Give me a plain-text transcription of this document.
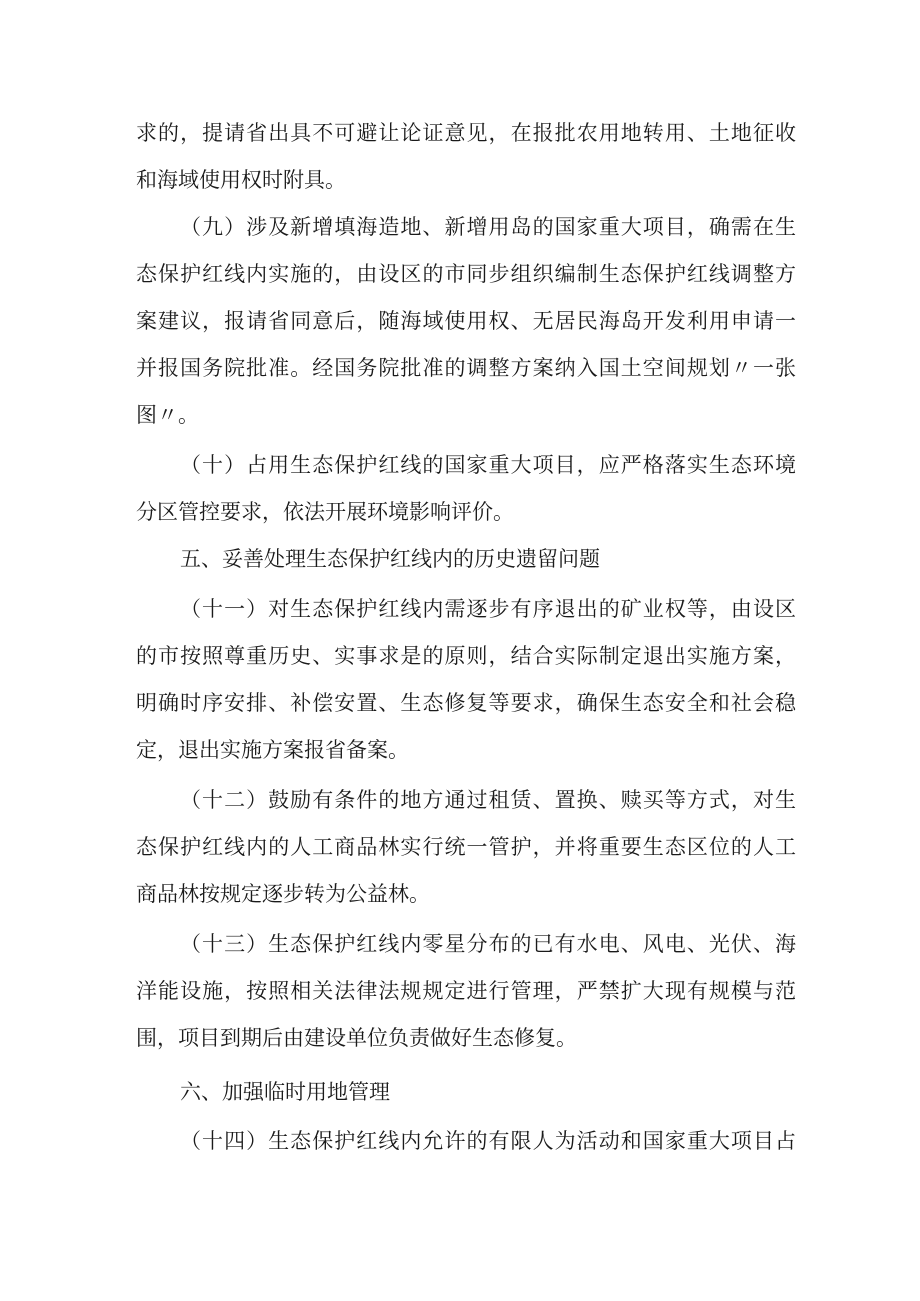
求的，提请省出具不可避让论证意见，在报批农用地转用、土地征收
和海域使用权时附具。
（九）涉及新增填海造地、新增用岛的国家重大项目，确需在生
态保护红线内实施的，由设区的市同步组织编制生态保护红线调整方
案建议，报请省同意后，随海域使用权、无居民海岛开发利用申请一
并报国务院批准。经国务院批准的调整方案纳入国土空间规划〃一张
图〃。
（十）占用生态保护红线的国家重大项目，应严格落实生态环境
分区管控要求，依法开展环境影响评价。
五、妥善处理生态保护红线内的历史遗留问题
（十一）对生态保护红线内需逐步有序退出的矿业权等，由设区
的市按照尊重历史、实事求是的原则，结合实际制定退出实施方案，
明确时序安排、补偿安置、生态修复等要求，确保生态安全和社会稳
定，退出实施方案报省备案。
（十二）鼓励有条件的地方通过租赁、置换、赎买等方式，对生
态保护红线内的人工商品林实行统一管护，并将重要生态区位的人工
商品林按规定逐步转为公益林。
（十三）生态保护红线内零星分布的已有水电、风电、光伏、海
洋能设施，按照相关法律法规规定进行管理，严禁扩大现有规模与范
围，项目到期后由建设单位负责做好生态修复。
六、加强临时用地管理
（十四）生态保护红线内允许的有限人为活动和国家重大项目占
